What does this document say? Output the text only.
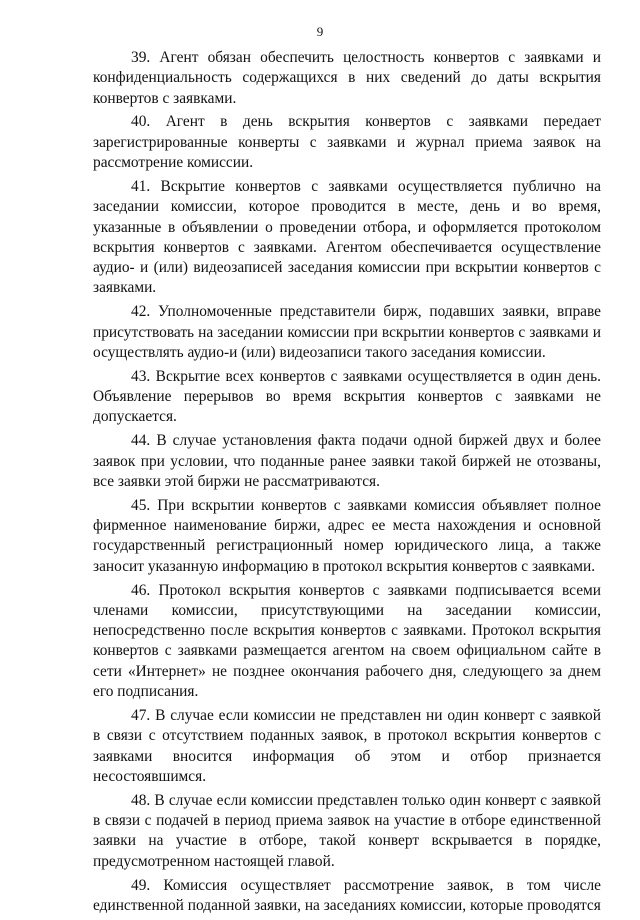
9

39. Агент обязан обеспечить целостность конвертов с заявками и конфиденциальность содержащихся в них сведений до даты вскрытия конвертов с заявками.

40. Агент в день вскрытия конвертов с заявками передает зарегистрированные конверты с заявками и журнал приема заявок на рассмотрение комиссии.

41. Вскрытие конвертов с заявками осуществляется публично на заседании комиссии, которое проводится в месте, день и во время, указанные в объявлении о проведении отбора, и оформляется протоколом вскрытия конвертов с заявками. Агентом обеспечивается осуществление аудио- и (или) видеозаписей заседания комиссии при вскрытии конвертов с заявками.

42. Уполномоченные представители бирж, подавших заявки, вправе присутствовать на заседании комиссии при вскрытии конвертов с заявками и осуществлять аудио-и (или) видеозаписи такого заседания комиссии.

43. Вскрытие всех конвертов с заявками осуществляется в один день. Объявление перерывов во время вскрытия конвертов с заявками не допускается.

44. В случае установления факта подачи одной биржей двух и более заявок при условии, что поданные ранее заявки такой биржей не отозваны, все заявки этой биржи не рассматриваются.

45. При вскрытии конвертов с заявками комиссия объявляет полное фирменное наименование биржи, адрес ее места нахождения и основной государственный регистрационный номер юридического лица, а также заносит указанную информацию в протокол вскрытия конвертов с заявками.

46. Протокол вскрытия конвертов с заявками подписывается всеми членами комиссии, присутствующими на заседании комиссии, непосредственно после вскрытия конвертов с заявками. Протокол вскрытия конвертов с заявками размещается агентом на своем официальном сайте в сети «Интернет» не позднее окончания рабочего дня, следующего за днем его подписания.

47. В случае если комиссии не представлен ни один конверт с заявкой в связи с отсутствием поданных заявок, в протокол вскрытия конвертов с заявками вносится информация об этом и отбор признается несостоявшимся.

48. В случае если комиссии представлен только один конверт с заявкой в связи с подачей в период приема заявок на участие в отборе единственной заявки на участие в отборе, такой конверт вскрывается в порядке, предусмотренном настоящей главой.

49. Комиссия осуществляет рассмотрение заявок, в том числе единственной поданной заявки, на заседаниях комиссии, которые проводятся
